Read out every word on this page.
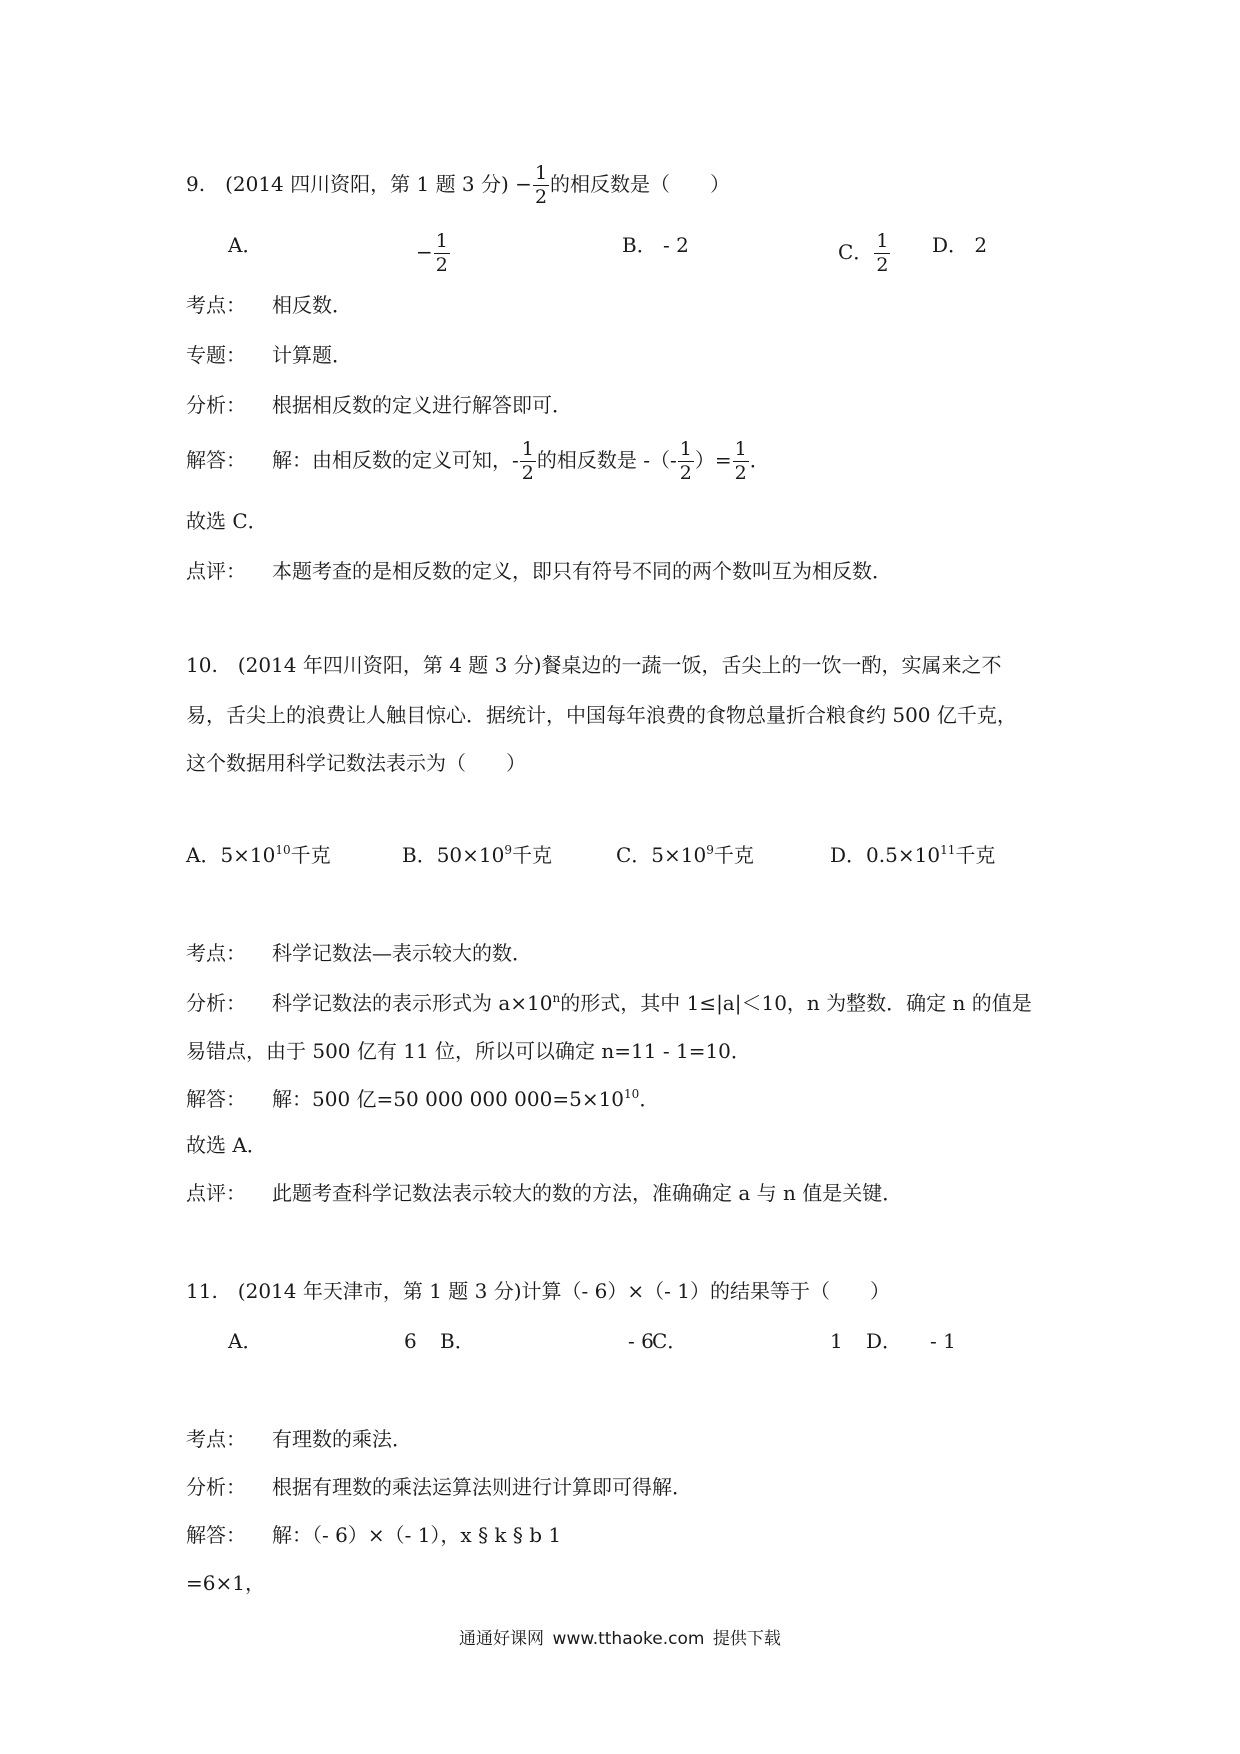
9.　(2014 四川资阳，第 1 题 3 分) − $\frac{1}{2}$ 的相反数是（　　）
A．	− $\frac{1}{2}$	B． - 2	C． $\frac{1}{2}$ D． 2
考点： 相反数．
专题： 计算题．
分析： 根据相反数的定义进行解答即可．
解答： 解：由相反数的定义可知，- $\frac{1}{2}$ 的相反数是 -（- $\frac{1}{2}$ ）= $\frac{1}{2}$ ．
故选 C．
点评： 本题考查的是相反数的定义，即只有符号不同的两个数叫互为相反数．
10.　(2014 年四川资阳，第 4 题 3 分)餐桌边的一蔬一饭，舌尖上的一饮一酌，实属来之不
易，舌尖上的浪费让人触目惊心．据统计，中国每年浪费的食物总量折合粮食约 500 亿千克，
这个数据用科学记数法表示为（　　）
A．$5\times 10^{10}$千克	B．$50\times 10^9$千克	C．$5\times 10^9$千克	D．$0.5\times 10^{11}$千克
考点： 科学记数法—表示较大的数．
分析： 科学记数法的表示形式为 $a\times 10^n$的形式，其中 1≤|a|＜10，n 为整数．确定 n 的值是
易错点，由于 500 亿有 11 位，所以可以确定 n=11 - 1=10．
解答： 解：500 亿=50 000 000 $000=5\times 10^{10}$．
故选 A．
点评： 此题考查科学记数法表示较大的数的方法，准确确定 a 与 n 值是关键．
11.　(2014 年天津市，第 1 题 3 分)计算（- 6）×（- 1）的结果等于（　　）
A．	6 B．	- 6
C．	1 D． - 1
考点： 有理数的乘法．
分析： 根据有理数的乘法运算法则进行计算即可得解．
解答： 解：（- 6）×（- 1），x § k § b 1
=6×1，
通通好课网 www.tthaoke.com 提供下载
